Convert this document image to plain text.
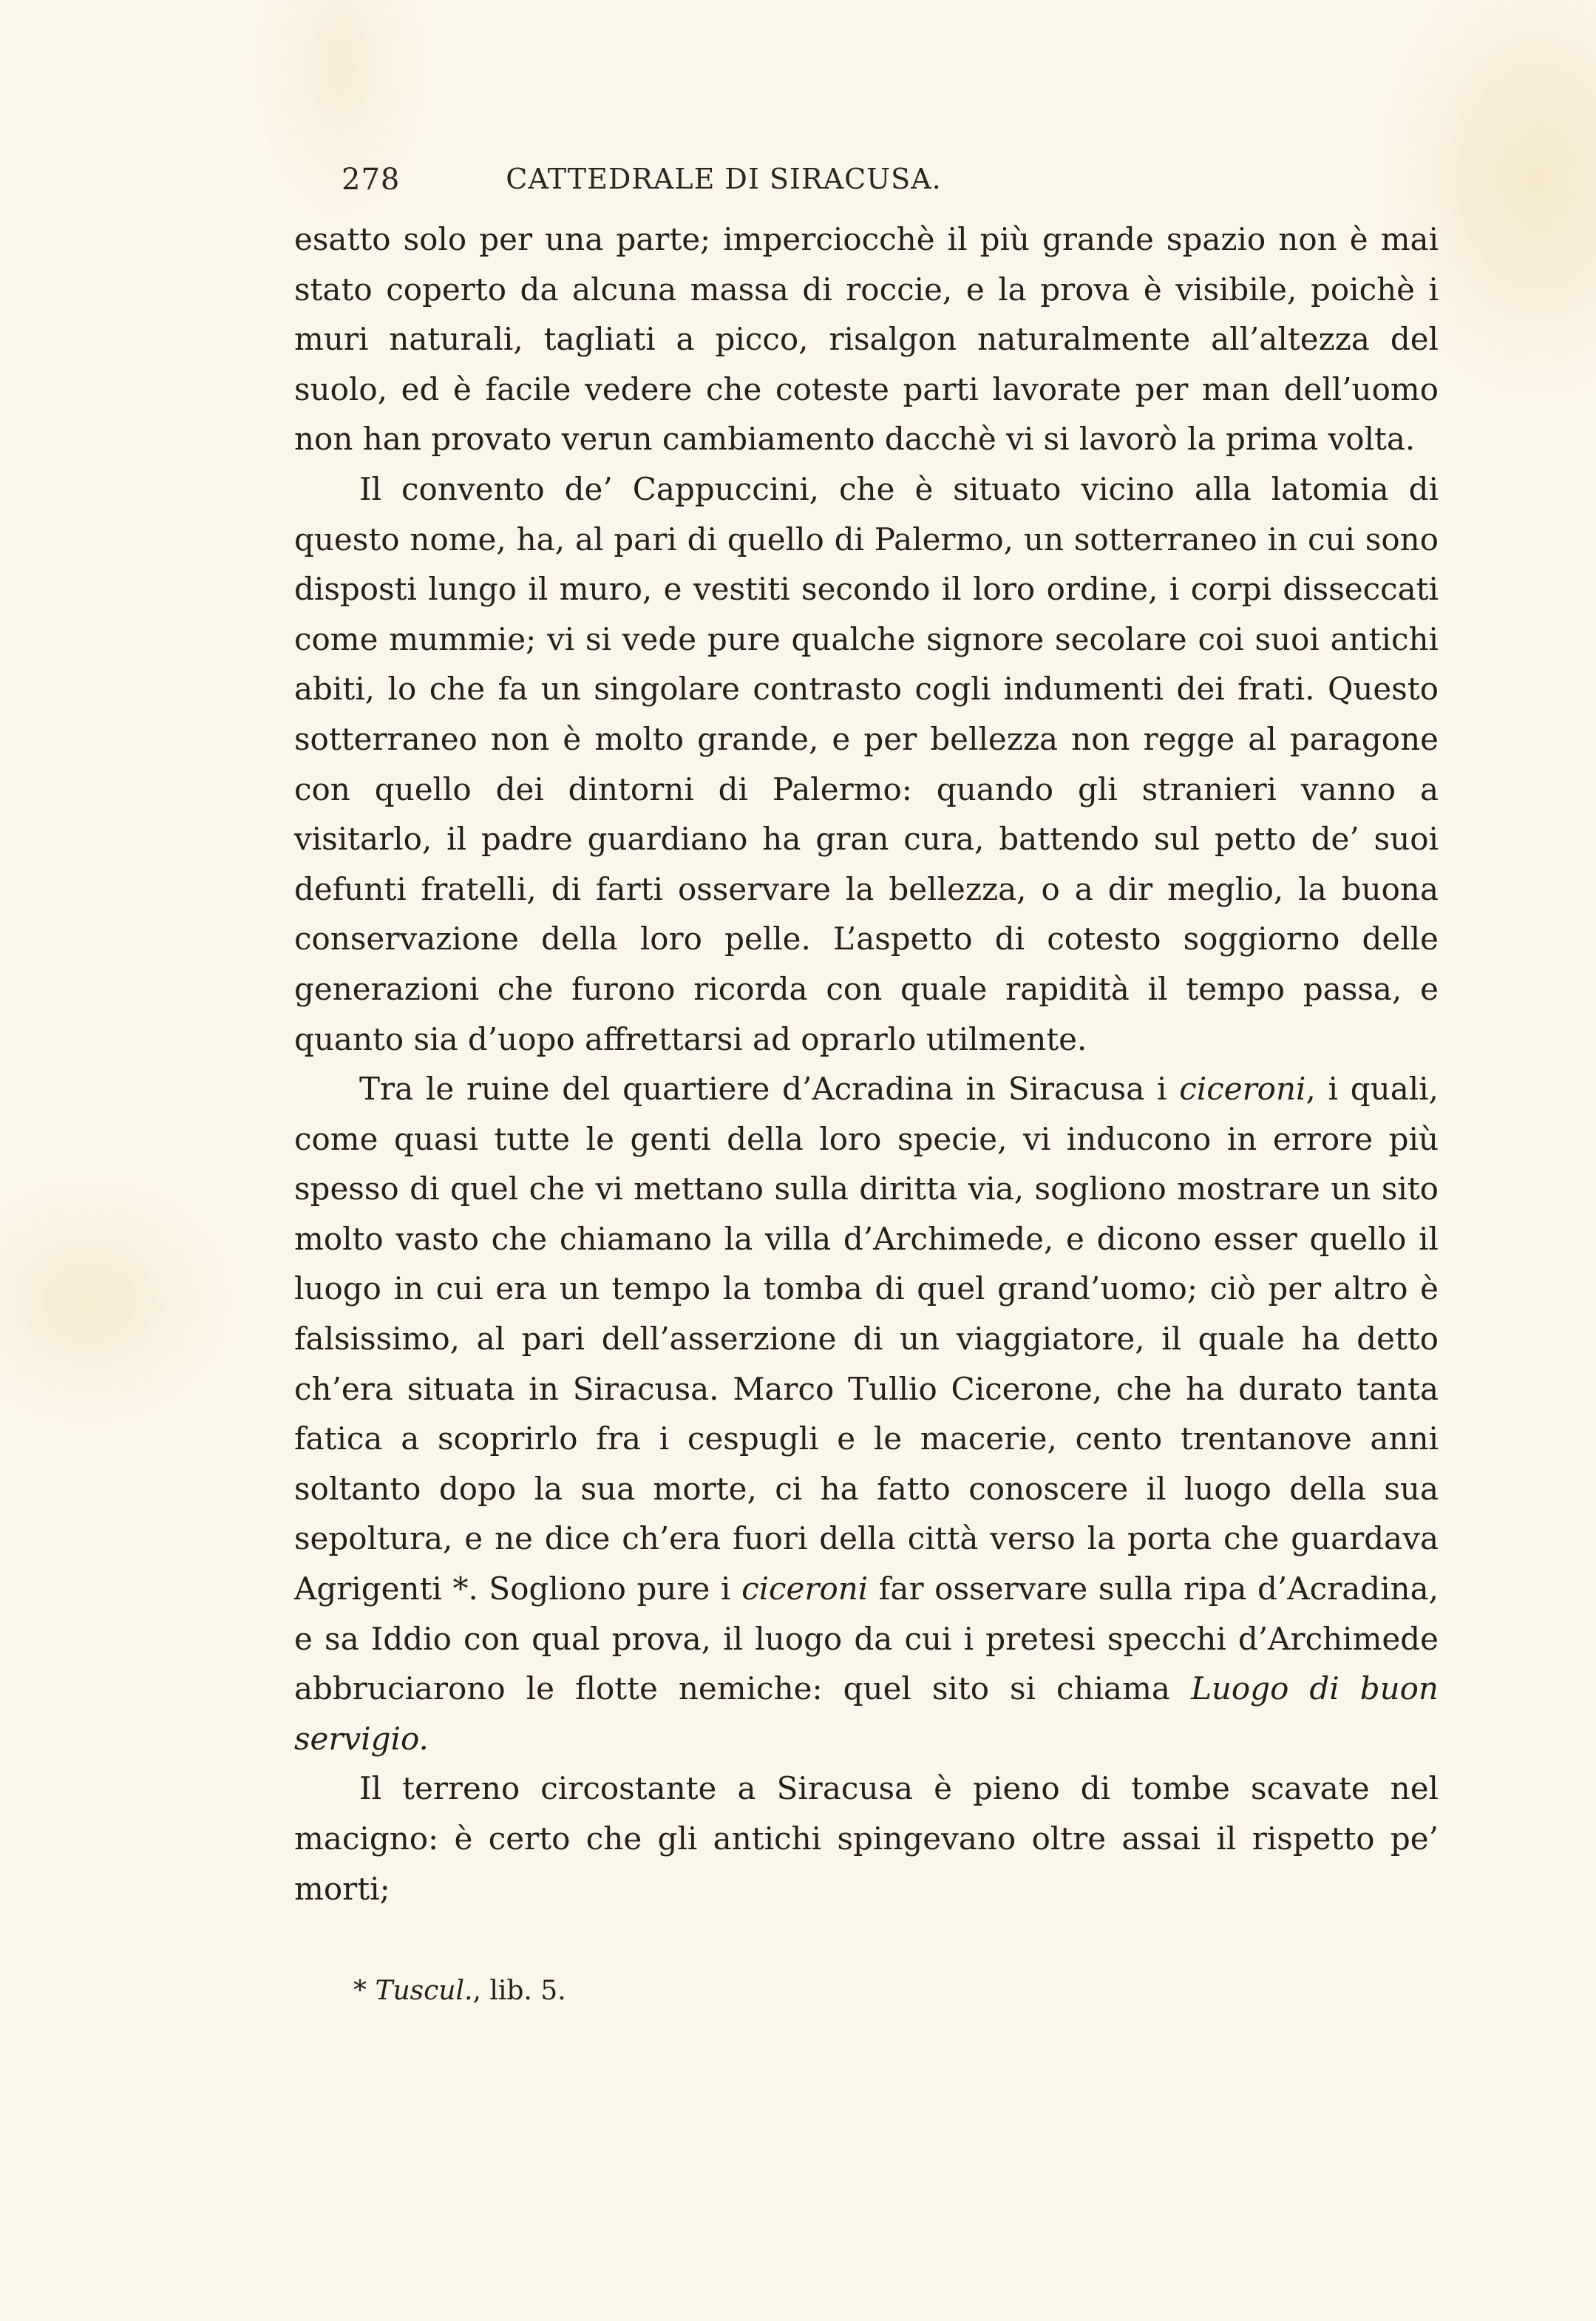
278	CATTEDRALE DI SIRACUSA.

esatto solo per una parte; imperciocchè il più grande spazio non è mai stato coperto da alcuna massa di roccie, e la prova è visibile, poichè i muri naturali, tagliati a picco, risalgon naturalmente all’altezza del suolo, ed è facile vedere che coteste parti lavorate per man dell’uomo non han provato verun cambiamento dacchè vi si lavorò la prima volta.

Il convento de’ Cappuccini, che è situato vicino alla latomia di questo nome, ha, al pari di quello di Palermo, un sotterraneo in cui sono disposti lungo il muro, e vestiti secondo il loro ordine, i corpi disseccati come mummie; vi si vede pure qualche signore secolare coi suoi antichi abiti, lo che fa un singolare contrasto cogli indumenti dei frati. Questo sotterraneo non è molto grande, e per bellezza non regge al paragone con quello dei dintorni di Palermo: quando gli stranieri vanno a visitarlo, il padre guardiano ha gran cura, battendo sul petto de’ suoi defunti fratelli, di farti osservare la bellezza, o a dir meglio, la buona conservazione della loro pelle. L’aspetto di cotesto soggiorno delle generazioni che furono ricorda con quale rapidità il tempo passa, e quanto sia d’uopo affrettarsi ad oprarlo utilmente.

Tra le ruine del quartiere d’Acradina in Siracusa i ciceroni, i quali, come quasi tutte le genti della loro specie, vi inducono in errore più spesso di quel che vi mettano sulla diritta via, sogliono mostrare un sito molto vasto che chiamano la villa d’Archimede, e dicono esser quello il luogo in cui era un tempo la tomba di quel grand’uomo; ciò per altro è falsissimo, al pari dell’asserzione di un viaggiatore, il quale ha detto ch’era situata in Siracusa. Marco Tullio Cicerone, che ha durato tanta fatica a scoprirlo fra i cespugli e le macerie, cento trentanove anni soltanto dopo la sua morte, ci ha fatto conoscere il luogo della sua sepoltura, e ne dice ch’era fuori della città verso la porta che guardava Agrigenti *. Sogliono pure i ciceroni far osservare sulla ripa d’Acradina, e sa Iddio con qual prova, il luogo da cui i pretesi specchi d’Archimede abbruciarono le flotte nemiche: quel sito si chiama Luogo di buon servigio.

Il terreno circostante a Siracusa è pieno di tombe scavate nel macigno: è certo che gli antichi spingevano oltre assai il rispetto pe’ morti;

* Tuscul., lib. 5.
